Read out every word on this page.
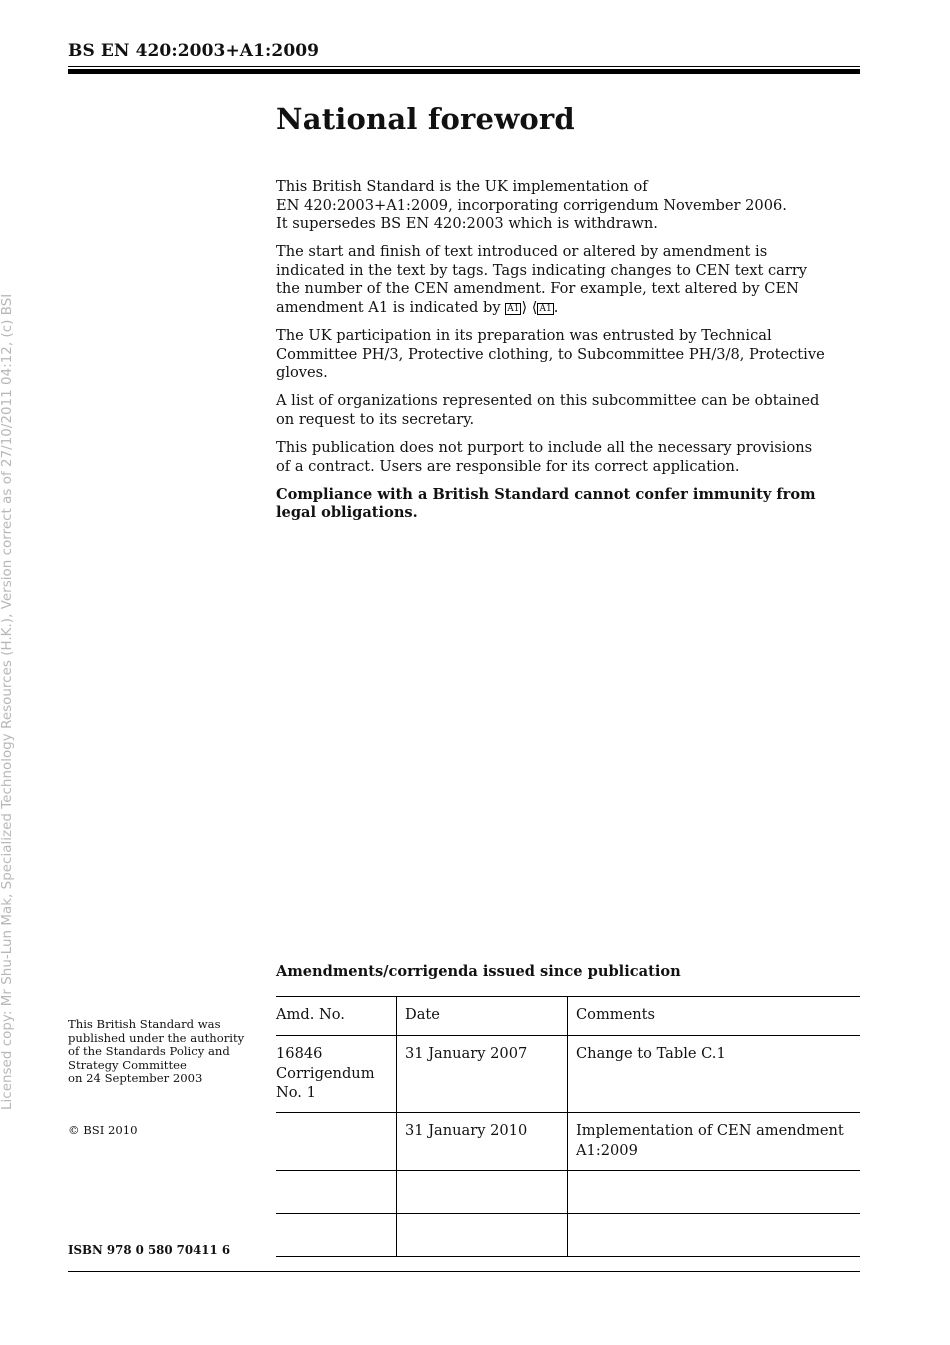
BS EN 420:2003+A1:2009
Licensed copy: Mr Shu-Lun Mak, Specialized Technology Resources (H.K.), Version correct as of 27/10/2011 04:12, (c) BSI
National foreword

This British Standard is the UK implementation of
EN 420:2003+A1:2009, incorporating corrigendum November 2006.
It supersedes BS EN 420:2003 which is withdrawn.

The start and finish of text introduced or altered by amendment is indicated in the text by tags. Tags indicating changes to CEN text carry the number of the CEN amendment. For example, text altered by CEN amendment A1 is indicated by A1 ⟩ ⟨ A1 .

The UK participation in its preparation was entrusted by Technical Committee PH/3, Protective clothing, to Subcommittee PH/3/8, Protective gloves.

A list of organizations represented on this subcommittee can be obtained on request to its secretary.

This publication does not purport to include all the necessary provisions of a contract. Users are responsible for its correct application.

Compliance with a British Standard cannot confer immunity from legal obligations.

Amendments/corrigenda issued since publication
Amd. No.	Date	Comments
16846
Corrigendum
No. 1	31 January 2007	Change to Table C.1
	31 January 2010	Implementation of CEN amendment A1:2009

This British Standard was
published under the authority
of the Standards Policy and
Strategy Committee
on 24 September 2003
© BSI 2010
ISBN 978 0 580 70411 6
